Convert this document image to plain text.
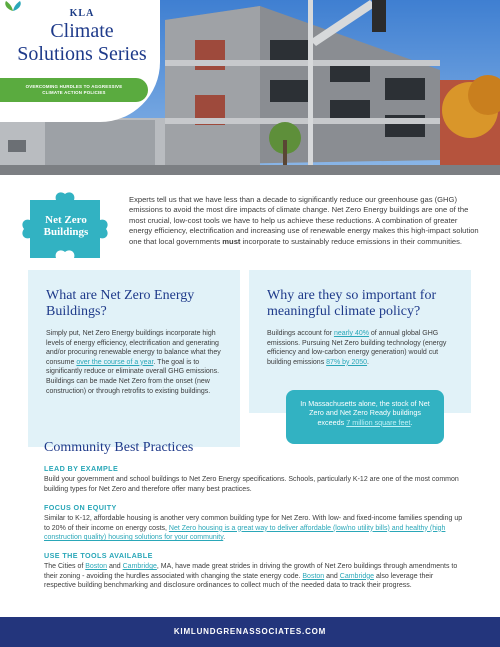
KLA
Climate
Solutions Series
OVERCOMING HURDLES TO AGGRESSIVE
CLIMATE ACTION POLICIES
Net Zero
Buildings

Experts tell us that we have less than a decade to significantly reduce our greenhouse gas (GHG) emissions to avoid the most dire impacts of climate change. Net Zero Energy buildings are one of the most crucial, low-cost tools we have to help us achieve these reductions. A combination of greater energy efficiency, electrification and increasing use of renewable energy makes this high-impact solution one that local governments must incorporate to sustainably reduce emissions in their communities.

What are Net Zero Energy Buildings?

Simply put, Net Zero Energy buildings incorporate high levels of energy efficiency, electrification and generating and/or procuring renewable energy to balance what they consume over the course of a year. The goal is to significantly reduce or eliminate overall GHG emissions. Buildings can be made Net Zero from the onset (new construction) or through retrofits to existing buildings.

Why are they so important for meaningful climate policy?

Buildings account for nearly 40% of annual global GHG emissions. Pursuing Net Zero building technology (energy efficiency and low-carbon energy generation) would cut building emissions 87% by 2050.

In Massachusetts alone, the stock of Net Zero and Net Zero Ready buildings exceeds 7 million square feet.
Community Best Practices
LEAD BY EXAMPLE

Build your government and school buildings to Net Zero Energy specifications. Schools, particularly K-12 are one of the most common building types for Net Zero and therefore offer many best practices.

FOCUS ON EQUITY

Similar to K-12, affordable housing is another very common building type for Net Zero. With low- and fixed-income families spending up to 20% of their income on energy costs, Net Zero housing is a great way to deliver affordable (low/no utility bills) and healthy (high construction quality) housing solutions for your community.

USE THE TOOLS AVAILABLE

The Cities of Boston and Cambridge, MA, have made great strides in driving the growth of Net Zero buildings through amendments to their zoning - avoiding the hurdles associated with changing the state energy code. Boston and Cambridge also leverage their respective building benchmarking and disclosure ordinances to collect much of the needed data to track their progress.

KIMLUNDGRENASSOCIATES.COM
